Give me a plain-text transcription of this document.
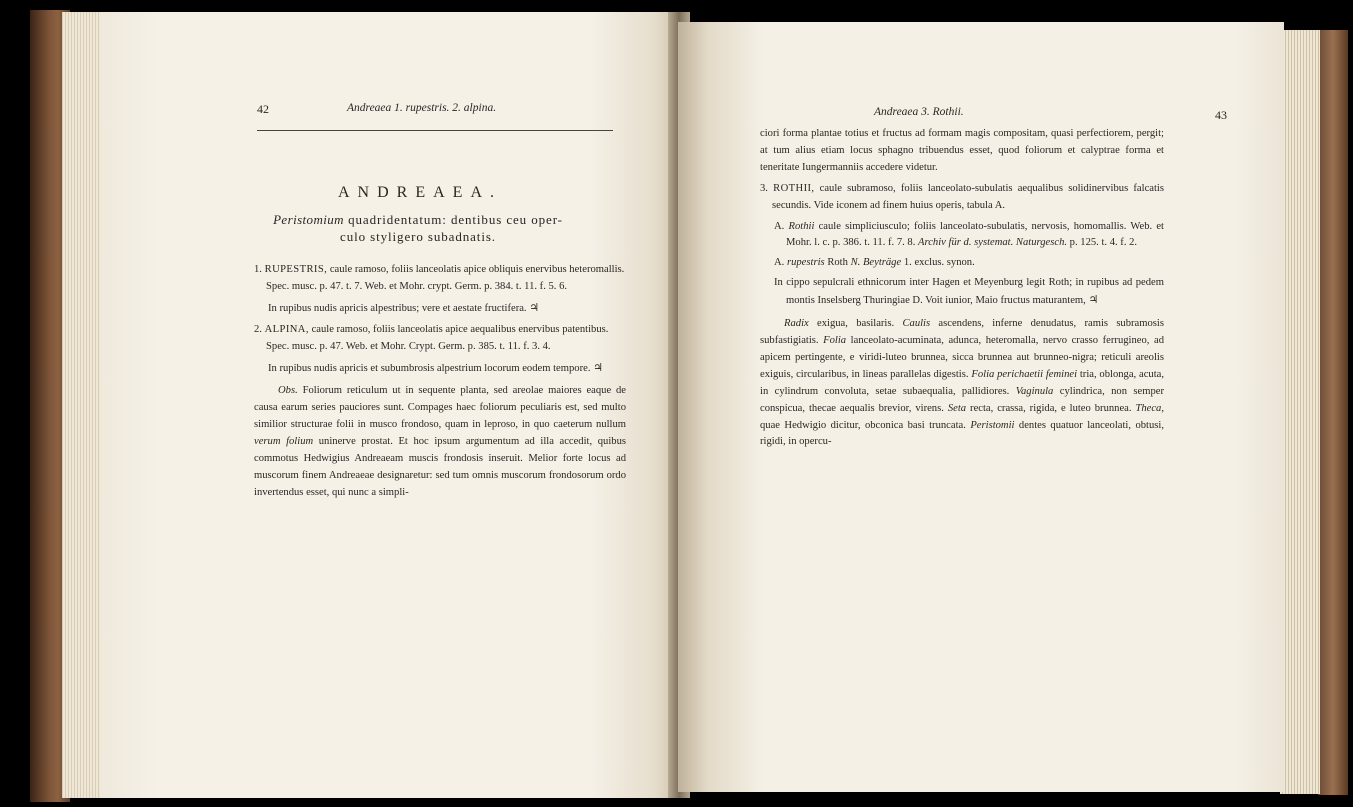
42	Andreaea 1. rupestris. 2. alpina.
ANDREAEA.
Peristomium quadridentatum: dentibus ceu oper-
culo styligero subadnatis.

1. RUPESTRIS, caule ramoso, foliis lanceolatis apice obliquis enervibus heteromallis. Spec. musc. p. 47. t. 7. Web. et Mohr. crypt. Germ. p. 384. t. 11. f. 5. 6.

In rupibus nudis apricis alpestribus; vere et aestate fructifera. ♃

2. ALPINA, caule ramoso, foliis lanceolatis apice aequalibus enervibus patentibus. Spec. musc. p. 47. Web. et Mohr. Crypt. Germ. p. 385. t. 11. f. 3. 4.

In rupibus nudis apricis et subumbrosis alpestrium locorum eodem tempore. ♃

Obs. Foliorum reticulum ut in sequente planta, sed areolae maiores eaque de causa earum series pauciores sunt. Compages haec foliorum peculiaris est, sed multo similior structurae folii in musco frondoso, quam in leproso, in quo caeterum nullum verum folium uninerve prostat. Et hoc ipsum argumentum ad illa accedit, quibus commotus Hedwigius Andreaeam muscis frondosis inseruit. Melior forte locus ad muscorum finem Andreaeae designaretur: sed tum omnis muscorum frondosorum ordo invertendus esset, qui nunc a simpli-

Andreaea 3. Rothii.	43

ciori forma plantae totius et fructus ad formam magis compositam, quasi perfectiorem, pergit; at tum alius etiam locus sphagno tribuendus esset, quod foliorum et calyptrae forma et teneritate Iungermanniis accedere videtur.

3. ROTHII, caule subramoso, foliis lanceolato-subulatis aequalibus solidinervibus falcatis secundis. Vide iconem ad finem huius operis, tabula A.

A. Rothii caule simpliciusculo; foliis lanceolato-subulatis, nervosis, homomallis. Web. et Mohr. l. c. p. 386. t. 11. f. 7. 8. Archiv für d. systemat. Naturgesch. p. 125. t. 4. f. 2.

A. rupestris Roth N. Beyträge 1. exclus. synon.

In cippo sepulcrali ethnicorum inter Hagen et Meyenburg legit Roth; in rupibus ad pedem montis Inselsberg Thuringiae D. Voit iunior, Maio fructus maturantem, ♃

Radix exigua, basilaris. Caulis ascendens, inferne denudatus, ramis subramosis subfastigiatis. Folia lanceolato-acuminata, adunca, heteromalla, nervo crasso ferrugineo, ad apicem pertingente, e viridi-luteo brunnea, sicca brunnea aut brunneo-nigra; reticuli areolis exiguis, circularibus, in lineas parallelas digestis. Folia perichaetii feminei tria, oblonga, acuta, in cylindrum convoluta, setae subaequalia, pallidiores. Vaginula cylindrica, non semper conspicua, thecae aequalis brevior, virens. Seta recta, crassa, rigida, e luteo brunnea. Theca, quae Hedwigio dicitur, obconica basi truncata. Peristomii dentes quatuor lanceolati, obtusi, rigidi, in opercu-
